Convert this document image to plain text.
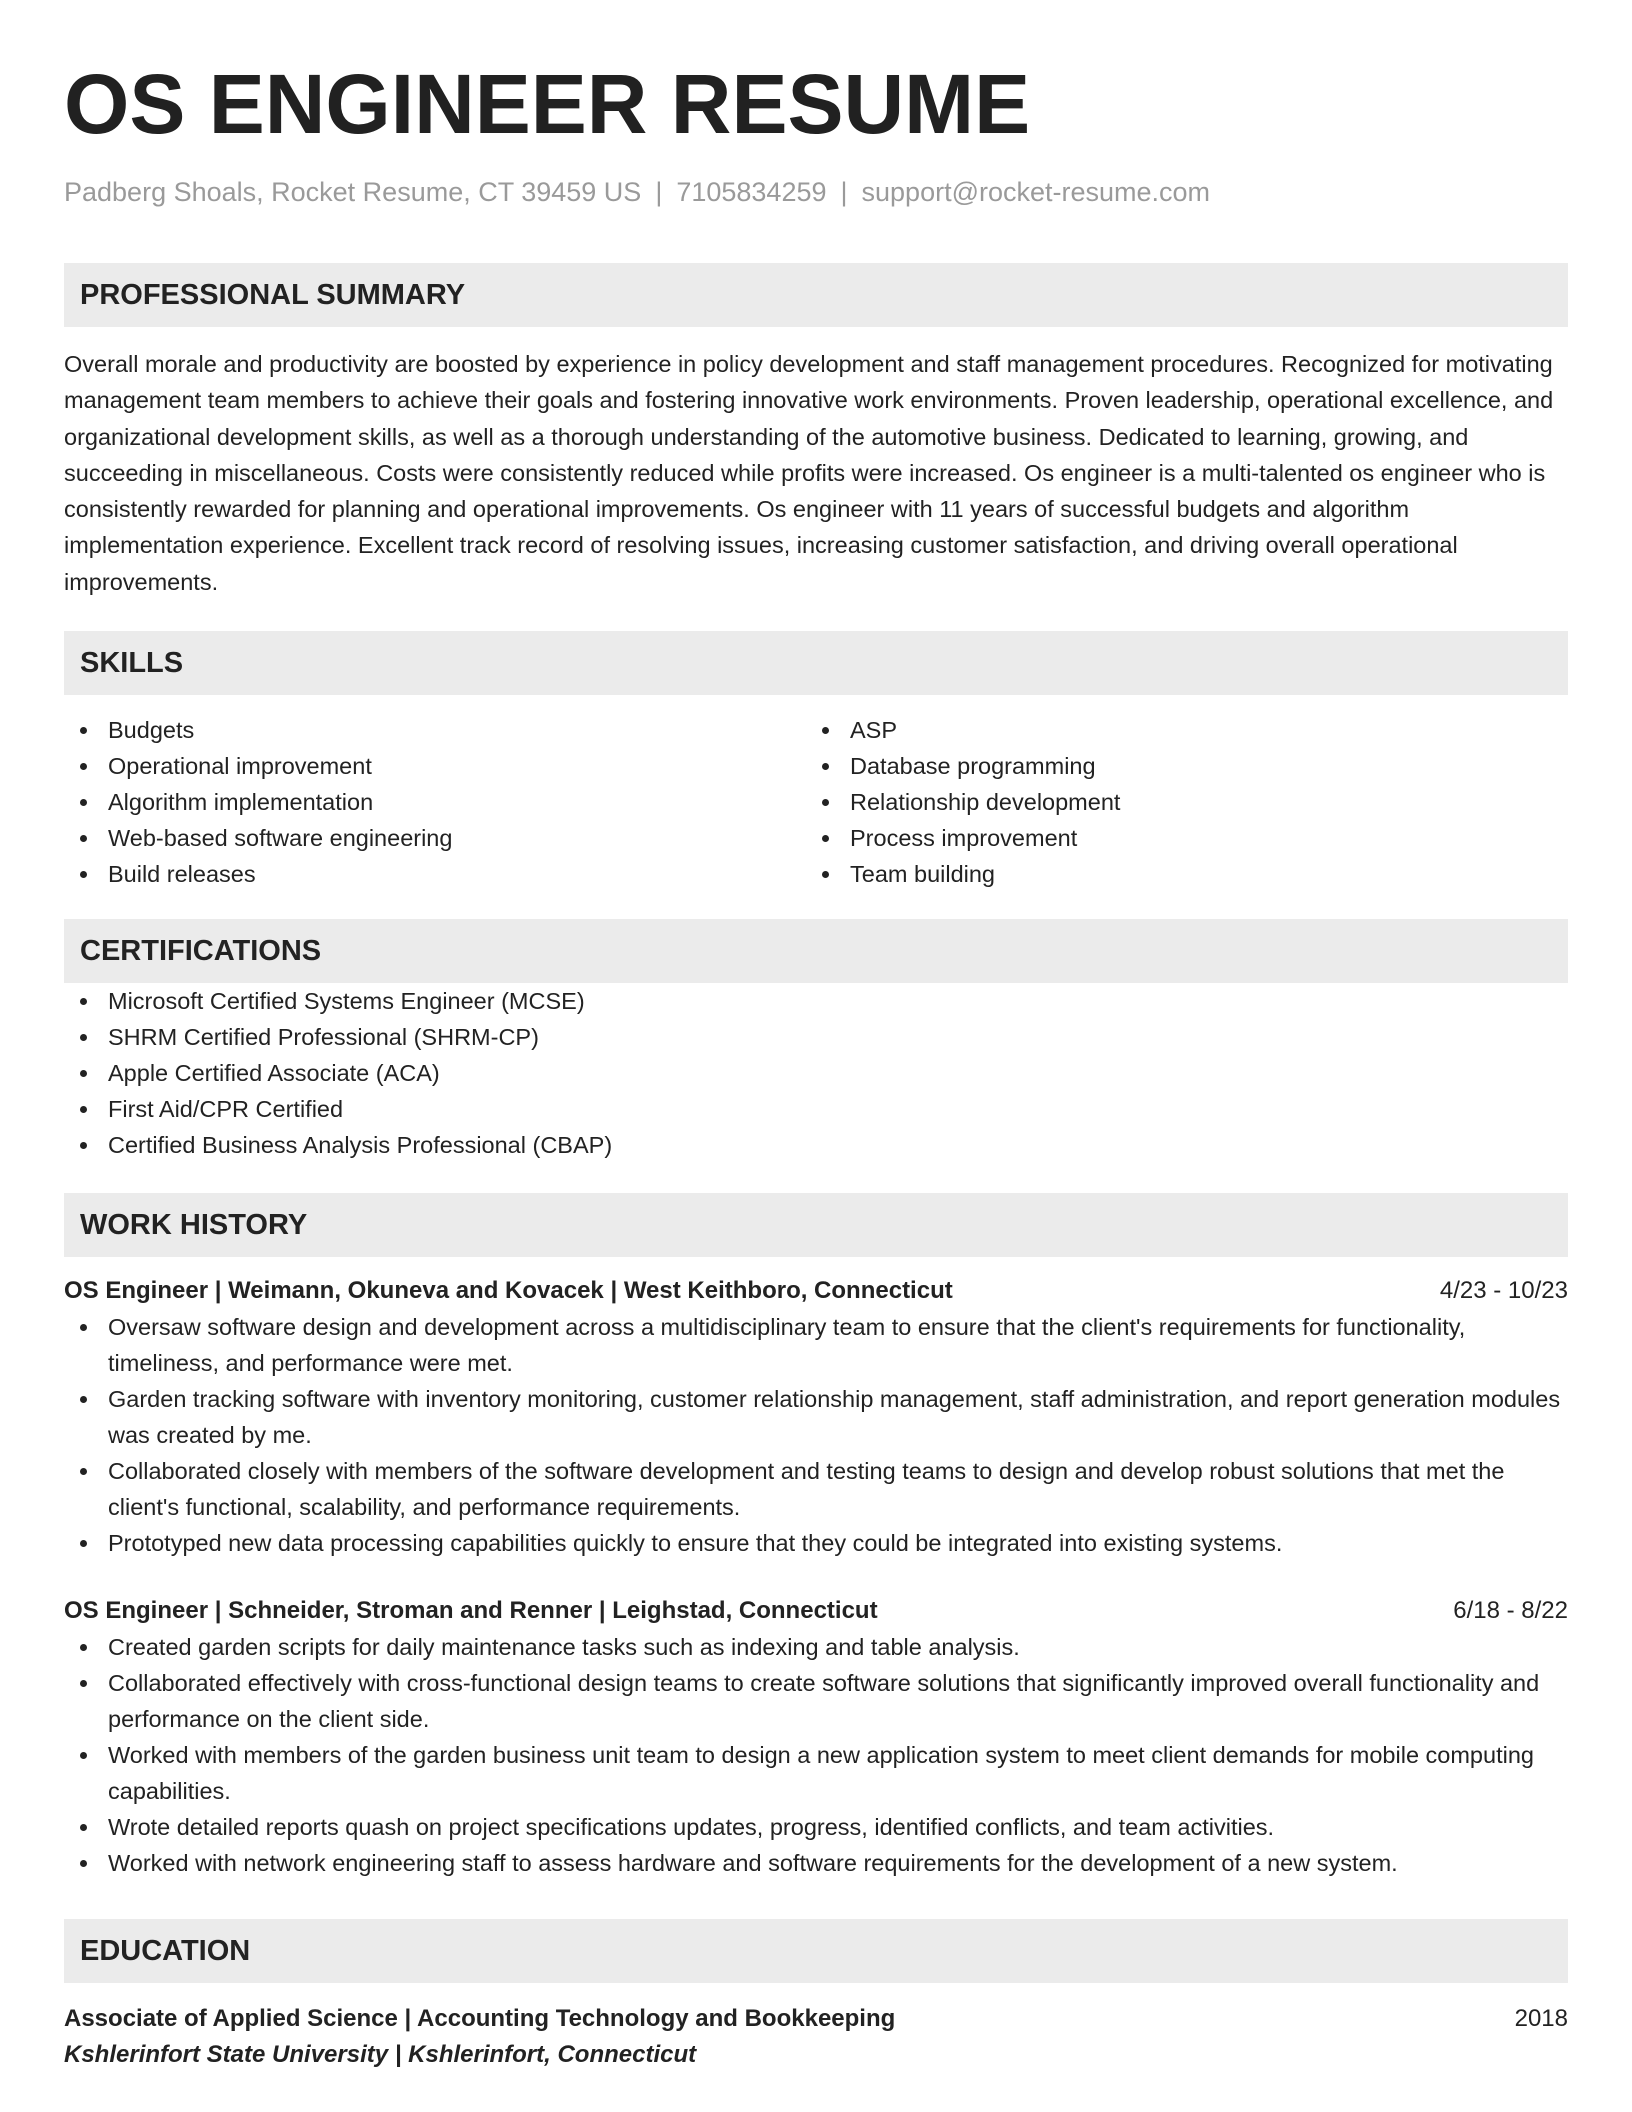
OS ENGINEER RESUME
Padberg Shoals, Rocket Resume, CT 39459 US | 7105834259 | support@rocket-resume.com
PROFESSIONAL SUMMARY

Overall morale and productivity are boosted by experience in policy development and staff management procedures. Recognized for motivating management team members to achieve their goals and fostering innovative work environments. Proven leadership, operational excellence, and organizational development skills, as well as a thorough understanding of the automotive business. Dedicated to learning, growing, and succeeding in miscellaneous. Costs were consistently reduced while profits were increased. Os engineer is a multi-talented os engineer who is consistently rewarded for planning and operational improvements. Os engineer with 11 years of successful budgets and algorithm implementation experience. Excellent track record of resolving issues, increasing customer satisfaction, and driving overall operational improvements.

SKILLS
Budgets
Operational improvement
Algorithm implementation
Web-based software engineering
Build releases
ASP
Database programming
Relationship development
Process improvement
Team building
CERTIFICATIONS
Microsoft Certified Systems Engineer (MCSE)
SHRM Certified Professional (SHRM-CP)
Apple Certified Associate (ACA)
First Aid/CPR Certified
Certified Business Analysis Professional (CBAP)
WORK HISTORY
OS Engineer | Weimann, Okuneva and Kovacek | West Keithboro, Connecticut	4/23 - 10/23
Oversaw software design and development across a multidisciplinary team to ensure that the client's requirements for functionality, timeliness, and performance were met.
Garden tracking software with inventory monitoring, customer relationship management, staff administration, and report generation modules was created by me.
Collaborated closely with members of the software development and testing teams to design and develop robust solutions that met the client's functional, scalability, and performance requirements.
Prototyped new data processing capabilities quickly to ensure that they could be integrated into existing systems.
OS Engineer | Schneider, Stroman and Renner | Leighstad, Connecticut	6/18 - 8/22
Created garden scripts for daily maintenance tasks such as indexing and table analysis.
Collaborated effectively with cross-functional design teams to create software solutions that significantly improved overall functionality and performance on the client side.
Worked with members of the garden business unit team to design a new application system to meet client demands for mobile computing capabilities.
Wrote detailed reports quash on project specifications updates, progress, identified conflicts, and team activities.
Worked with network engineering staff to assess hardware and software requirements for the development of a new system.
EDUCATION
Associate of Applied Science | Accounting Technology and Bookkeeping	2018
Kshlerinfort State University | Kshlerinfort, Connecticut
